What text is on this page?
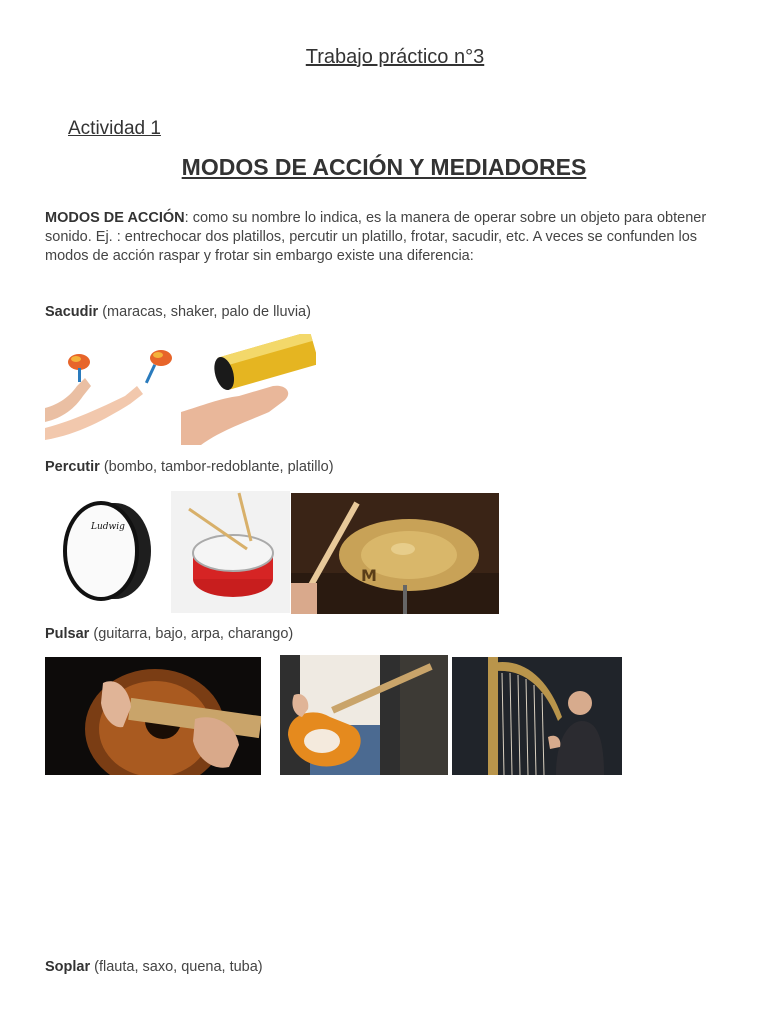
Trabajo práctico n°3
Actividad 1
MODOS DE ACCIÓN Y MEDIADORES
MODOS DE ACCIÓN: como su nombre lo indica, es la manera de operar sobre un objeto para obtener sonido. Ej. : entrechocar dos platillos, percutir un platillo, frotar, sacudir, etc. A veces se confunden los modos de acción raspar y frotar sin embargo existe una diferencia:
Sacudir (maracas, shaker, palo de lluvia)
Percutir (bombo, tambor-redoblante, platillo)
Ludwig
M
Pulsar (guitarra, bajo, arpa, charango)
Soplar (flauta, saxo, quena, tuba)
